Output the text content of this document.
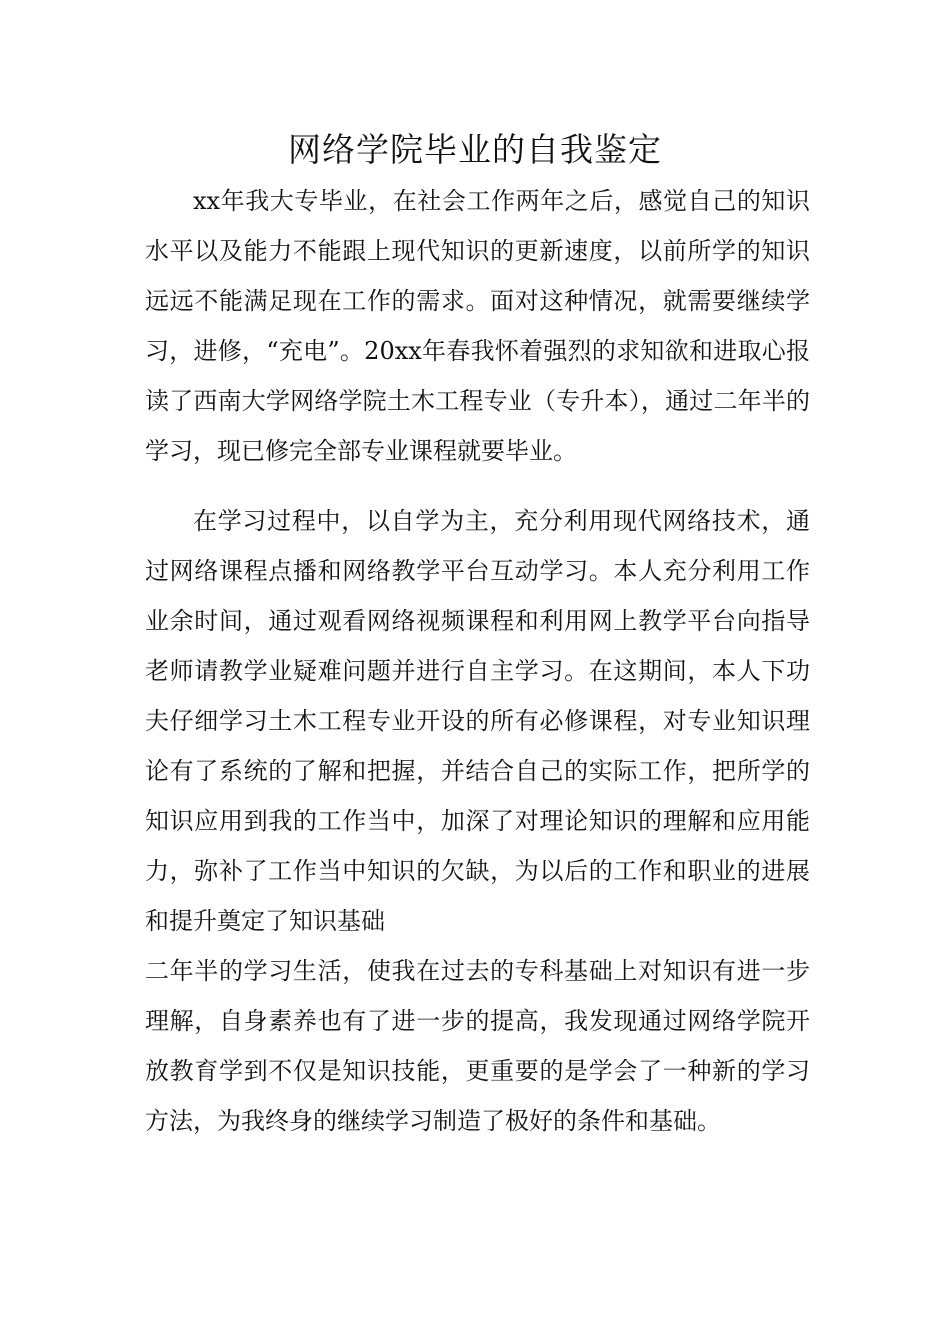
网络学院毕业的自我鉴定

xx年我大专毕业，在社会工作两年之后，感觉自己的知识水平以及能力不能跟上现代知识的更新速度，以前所学的知识远远不能满足现在工作的需求。面对这种情况，就需要继续学习，进修，“充电”。20xx年春我怀着强烈的求知欲和进取心报读了西南大学网络学院土木工程专业（专升本），通过二年半的学习，现已修完全部专业课程就要毕业。

在学习过程中，以自学为主，充分利用现代网络技术，通过网络课程点播和网络教学平台互动学习。本人充分利用工作业余时间，通过观看网络视频课程和利用网上教学平台向指导老师请教学业疑难问题并进行自主学习。在这期间，本人下功夫仔细学习土木工程专业开设的所有必修课程，对专业知识理论有了系统的了解和把握，并结合自己的实际工作，把所学的知识应用到我的工作当中，加深了对理论知识的理解和应用能力，弥补了工作当中知识的欠缺，为以后的工作和职业的进展和提升奠定了知识基础

二年半的学习生活，使我在过去的专科基础上对知识有进一步理解，自身素养也有了进一步的提高，我发现通过网络学院开放教育学到不仅是知识技能，更重要的是学会了一种新的学习方法，为我终身的继续学习制造了极好的条件和基础。
